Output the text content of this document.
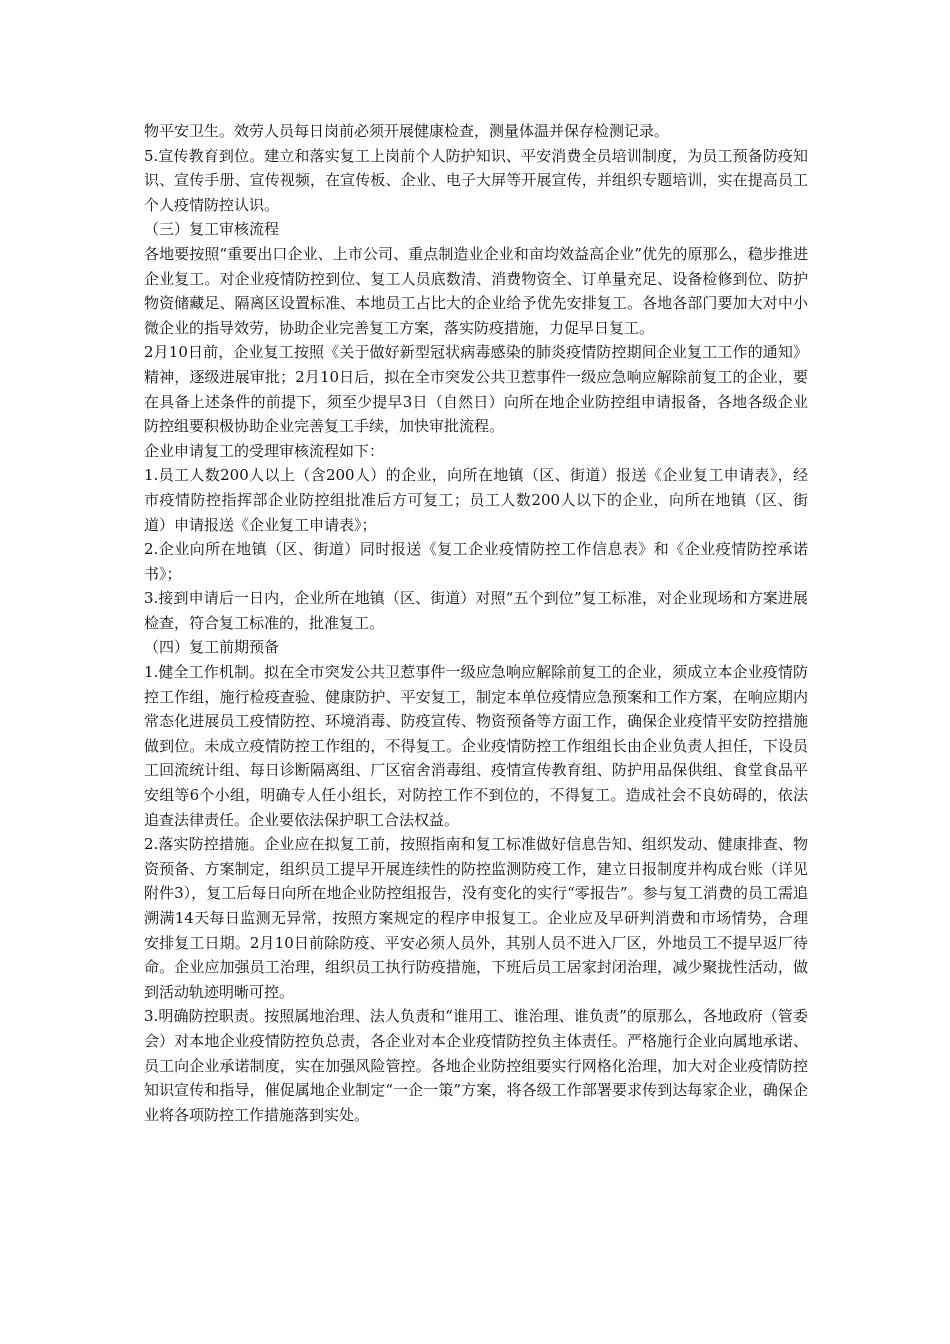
物平安卫生。效劳人员每日岗前必须开展健康检查，测量体温并保存检测记录。

5.宣传教育到位。建立和落实复工上岗前个人防护知识、平安消费全员培训制度，为员工预备防疫知识、宣传手册、宣传视频，在宣传板、企业、电子大屏等开展宣传，并组织专题培训，实在提高员工个人疫情防控认识。

（三）复工审核流程

各地要按照“重要出口企业、上市公司、重点制造业企业和亩均效益高企业”优先的原那么，稳步推进企业复工。对企业疫情防控到位、复工人员底数清、消费物资全、订单量充足、设备检修到位、防护物资储藏足、隔离区设置标准、本地员工占比大的企业给予优先安排复工。各地各部门要加大对中小微企业的指导效劳，协助企业完善复工方案，落实防疫措施，力促早日复工。

2月10日前，企业复工按照《关于做好新型冠状病毒感染的肺炎疫情防控期间企业复工工作的通知》精神，逐级进展审批；2月10日后，拟在全市突发公共卫惹事件一级应急响应解除前复工的企业，要在具备上述条件的前提下，须至少提早3日（自然日）向所在地企业防控组申请报备，各地各级企业防控组要积极协助企业完善复工手续，加快审批流程。

企业申请复工的受理审核流程如下：

1.员工人数200人以上（含200人）的企业，向所在地镇（区、街道）报送《企业复工申请表》，经市疫情防控指挥部企业防控组批准后方可复工；员工人数200人以下的企业，向所在地镇（区、街道）申请报送《企业复工申请表》；

2.企业向所在地镇（区、街道）同时报送《复工企业疫情防控工作信息表》和《企业疫情防控承诺书》；

3.接到申请后一日内，企业所在地镇（区、街道）对照“五个到位”复工标准，对企业现场和方案进展检查，符合复工标准的，批准复工。

（四）复工前期预备

1.健全工作机制。拟在全市突发公共卫惹事件一级应急响应解除前复工的企业，须成立本企业疫情防控工作组，施行检疫查验、健康防护、平安复工，制定本单位疫情应急预案和工作方案，在响应期内常态化进展员工疫情防控、环境消毒、防疫宣传、物资预备等方面工作，确保企业疫情平安防控措施做到位。未成立疫情防控工作组的，不得复工。企业疫情防控工作组组长由企业负责人担任，下设员工回流统计组、每日诊断隔离组、厂区宿舍消毒组、疫情宣传教育组、防护用品保供组、食堂食品平安组等6个小组，明确专人任小组长，对防控工作不到位的，不得复工。造成社会不良妨碍的，依法追查法律责任。企业要依法保护职工合法权益。

2.落实防控措施。企业应在拟复工前，按照指南和复工标准做好信息告知、组织发动、健康排查、物资预备、方案制定，组织员工提早开展连续性的防控监测防疫工作，建立日报制度并构成台账（详见附件3），复工后每日向所在地企业防控组报告，没有变化的实行“零报告”。参与复工消费的员工需追溯满14天每日监测无异常，按照方案规定的程序申报复工。企业应及早研判消费和市场情势，合理安排复工日期。2月10日前除防疫、平安必须人员外，其别人员不进入厂区，外地员工不提早返厂待命。企业应加强员工治理，组织员工执行防疫措施，下班后员工居家封闭治理，减少聚拢性活动，做到活动轨迹明晰可控。

3.明确防控职责。按照属地治理、法人负责和“谁用工、谁治理、谁负责”的原那么，各地政府（管委会）对本地企业疫情防控负总责，各企业对本企业疫情防控负主体责任。严格施行企业向属地承诺、员工向企业承诺制度，实在加强风险管控。各地企业防控组要实行网格化治理，加大对企业疫情防控知识宣传和指导，催促属地企业制定“一企一策”方案，将各级工作部署要求传到达每家企业，确保企业将各项防控工作措施落到实处。
